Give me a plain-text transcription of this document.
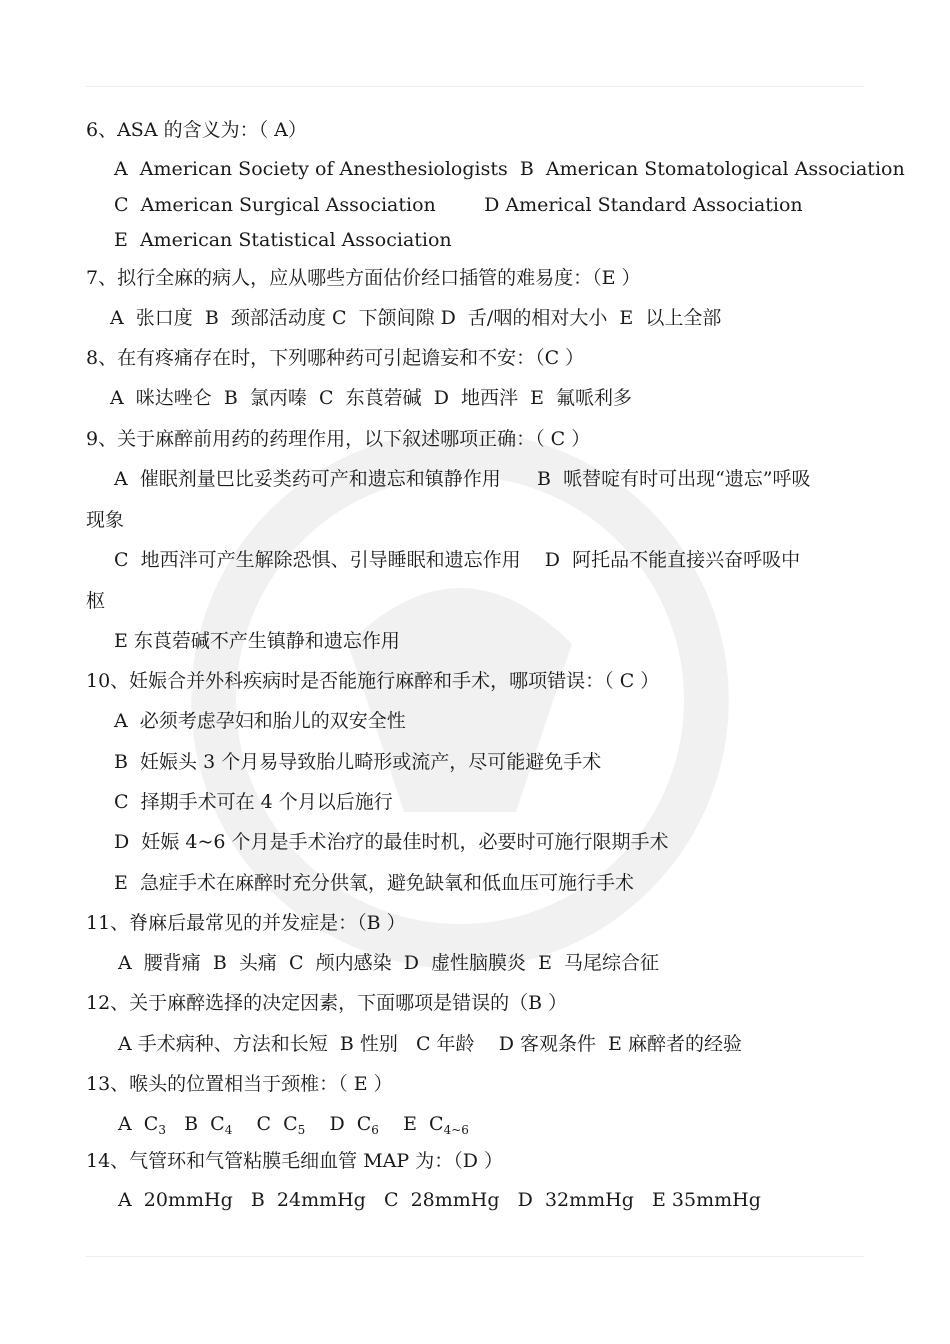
6、ASA 的含义为：（ A）
A  American Society of Anesthesiologists  B  American Stomatological Association
C  American Surgical Association        D Americal Standard Association
E  American Statistical Association
7、拟行全麻的病人，应从哪些方面估价经口插管的难易度：（E ）
A  张口度  B  颈部活动度 C  下颌间隙 D  舌/咽的相对大小  E  以上全部
8、在有疼痛存在时，下列哪种药可引起谵妄和不安：（C ）
A  咪达唑仑  B  氯丙嗪  C  东莨菪碱  D  地西泮  E  氟哌利多
9、关于麻醉前用药的药理作用，以下叙述哪项正确：（ C ）
A  催眠剂量巴比妥类药可产和遗忘和镇静作用      B  哌替啶有时可出现“遗忘”呼吸
现象
C  地西泮可产生解除恐惧、引导睡眠和遗忘作用    D  阿托品不能直接兴奋呼吸中
枢
E 东莨菪碱不产生镇静和遗忘作用
10、妊娠合并外科疾病时是否能施行麻醉和手术，哪项错误：（ C ）
A  必须考虑孕妇和胎儿的双安全性
B  妊娠头 3 个月易导致胎儿畸形或流产，尽可能避免手术
C  择期手术可在 4 个月以后施行
D  妊娠 4~6 个月是手术治疗的最佳时机，必要时可施行限期手术
E  急症手术在麻醉时充分供氧，避免缺氧和低血压可施行手术
11、脊麻后最常见的并发症是：（B ）
A  腰背痛  B  头痛  C  颅内感染  D  虚性脑膜炎  E  马尾综合征
12、关于麻醉选择的决定因素，下面哪项是错误的（B ）
A 手术病种、方法和长短  B 性别   C 年龄    D 客观条件  E 麻醉者的经验
13、喉头的位置相当于颈椎：（ E ）
A  $C_3$   B  $C_4$    C  $C_5$    D  $C_6$    E  $C_{4\sim 6}$
14、气管环和气管粘膜毛细血管 MAP 为：（D ）
A  20mmHg   B  24mmHg   C  28mmHg   D  32mmHg   E 35mmHg
